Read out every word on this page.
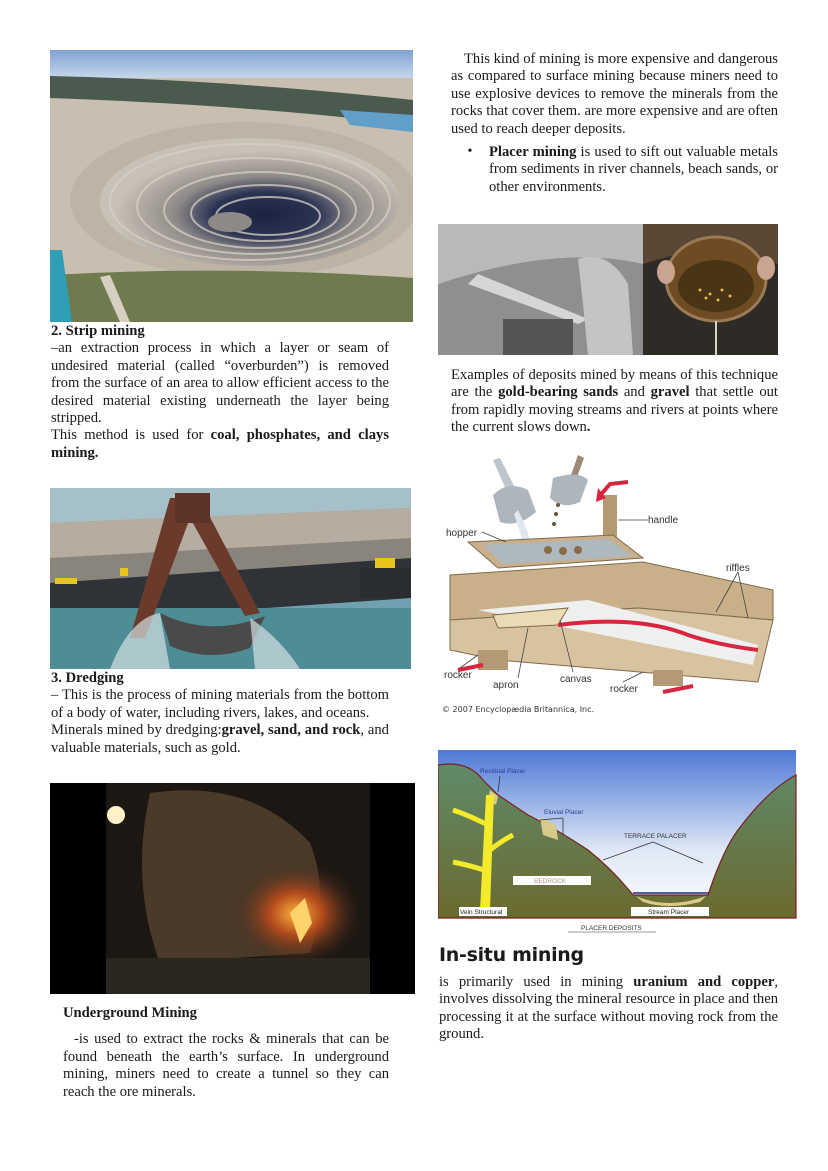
2. Strip mining

–an extraction process in which a layer or seam of undesired material (called “overburden”) is removed from the surface of an area to allow efficient access to the desired material existing underneath the layer being stripped.

This method is used for coal, phosphates, and clays mining.

3. Dredging

– This is the process of mining materials from the bottom of a body of water, including rivers, lakes, and oceans.

Minerals mined by dredging:gravel, sand, and rock, and valuable materials, such as gold.

Underground Mining

-is used to extract the rocks & minerals that can be found beneath the earth’s surface. In underground mining, miners need to create a tunnel so they can reach the ore minerals.

This kind of mining is more expensive and dangerous as compared to surface mining because miners need to use explosive devices to remove the minerals from the rocks that cover them. are more expensive and are often used to reach deeper deposits.

•	Placer mining is used to sift out valuable metals from sediments in river channels, beach sands, or other environments.

Examples of deposits mined by means of this technique are the gold-bearing sands and gravel that settle out from rapidly moving streams and rivers at points where the current slows down.

hopper
handle
riffles
rocker
apron
canvas
rocker
© 2007 Encyclopædia Britannica, Inc.
Residual Placer
Eluvial Placer
TERRACE PALACER
BEDROCK
Vein Structural	Stream Placer
PLACER DEPOSITS
In-situ mining

is primarily used in mining uranium and copper, involves dissolving the mineral resource in place and then processing it at the surface without moving rock from the ground.
